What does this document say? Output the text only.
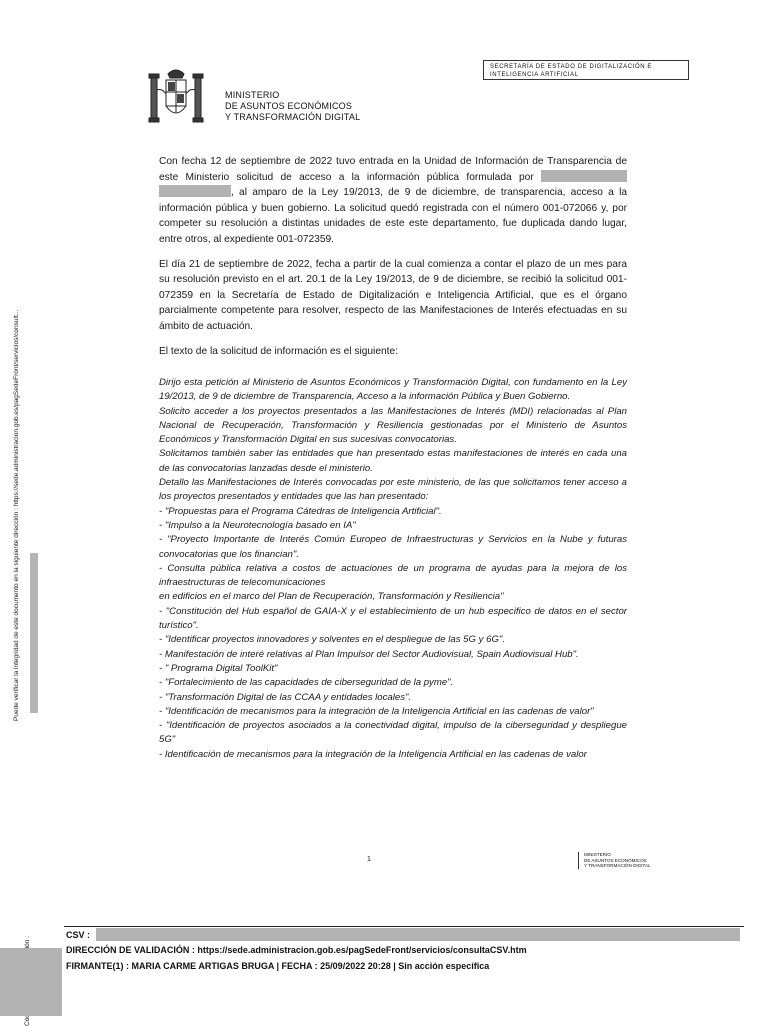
Puede verificar la integridad de este documento en la siguiente dirección : https://sede.administracion.gob.es/pagSedeFront/servicios/consult...
SECRETARÍA DE ESTADO DE DIGITALIZACIÓN E INTELIGENCIA ARTIFICIAL
MINISTERIO
DE ASUNTOS ECONÓMICOS
Y TRANSFORMACIÓN DIGITAL

Con fecha 12 de septiembre de 2022 tuvo entrada en la Unidad de Información de Transparencia de este Ministerio solicitud de acceso a la información pública formulada por  , al amparo de la Ley 19/2013, de 9 de diciembre, de transparencia, acceso a la información pública y buen gobierno. La solicitud quedó registrada con el número 001-072066 y, por competer su resolución a distintas unidades de este este departamento, fue duplicada dando lugar, entre otros, al expediente 001-072359.

El día 21 de septiembre de 2022, fecha a partir de la cual comienza a contar el plazo de un mes para su resolución previsto en el art. 20.1 de la Ley 19/2013, de 9 de diciembre, se recibió la solicitud 001-072359 en la Secretaría de Estado de Digitalización e Inteligencia Artificial, que es el órgano parcialmente competente para resolver, respecto de las Manifestaciones de Interés efectuadas en su ámbito de actuación.

El texto de la solicitud de información es el siguiente:

Dirijo esta petición al Ministerio de Asuntos Económicos y Transformación Digital, con fundamento en la Ley 19/2013, de 9 de diciembre de Transparencia, Acceso a la información Pública y Buen Gobierno.
Solicito acceder a los proyectos presentados a las Manifestaciones de Interés (MDI) relacionadas al Plan Nacional de Recuperación, Transformación y Resiliencia gestionadas por el Ministerio de Asuntos Económicos y Transformación Digital en sus sucesivas convocatorias.
Solicitamos también saber las entidades que han presentado estas manifestaciones de interés en cada una de las convocatorias lanzadas desde el ministerio.
Detallo las Manifestaciones de Interés convocadas por este ministerio, de las que solicitamos tener acceso a los proyectos presentados y entidades que las han presentado:
- "Propuestas para el Programa Cátedras de Inteligencia Artificial".
- "Impulso a la Neurotecnología basado en IA"
- "Proyecto Importante de Interés Común Europeo de Infraestructuras y Servicios en la Nube y futuras convocatorias que los financian".
- Consulta pública relativa a costos de actuaciones de un programa de ayudas para la mejora de los infraestructuras de telecomunicaciones
en edificios en el marco del Plan de Recuperación, Transformación y Resiliencia"
- "Constitución del Hub español de GAIA-X y el establecimiento de un hub especifico de datos en el sector turístico".
- "Identificar proyectos innovadores y solventes en el despliegue de las 5G y 6G".
- Manifestación de interé relativas al Plan Impulsor del Sector Audiovisual, Spain Audiovisual Hub".
- " Programa Digital ToolKit"
- "Fortalecimiento de las capacidades de ciberseguridad de la pyme".
- "Transformación Digital de las CCAA y entidades locales".
- "Identificación de mecanismos para la integración de la Inteligencia Artificial en las cadenas de valor"
- "Identificación de proyectos asociados a la conectividad digital, impulso de la ciberseguridad y despliegue 5G"
- Identificación de mecanismos para la integración de la Inteligencia Artificial en las cadenas de valor
1
MINISTERIO
DE ASUNTOS ECONÓMICOS
Y TRANSFORMACIÓN DIGITAL
CSV :
DIRECCIÓN DE VALIDACIÓN : https://sede.administracion.gob.es/pagSedeFront/servicios/consultaCSV.htm
FIRMANTE(1) : MARIA CARME ARTIGAS BRUGA | FECHA : 25/09/2022 20:28 | Sin acción específica
